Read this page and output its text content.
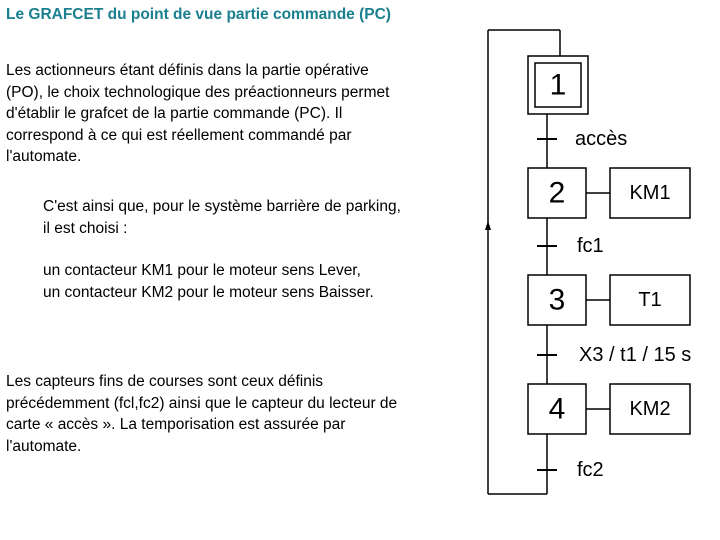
Le GRAFCET du point de vue partie commande (PC)
Les actionneurs étant définis dans la partie opérative
(PO), le choix technologique des préactionneurs permet
d'établir le grafcet de la partie commande (PC). Il
correspond à ce qui est réellement commandé par
l'automate.
C'est ainsi que, pour le système barrière de parking,
il est choisi :
un contacteur KM1 pour le moteur sens Lever,
un contacteur KM2 pour le moteur sens Baisser.
Les capteurs fins de courses sont ceux définis
précédemment (fcl,fc2) ainsi que le capteur du lecteur de
carte « accès ». La temporisation est assurée par
l'automate.
1
accès
2	KM1
fc1
3	T1
X3 / t1 / 15 s
4	KM2
fc2
